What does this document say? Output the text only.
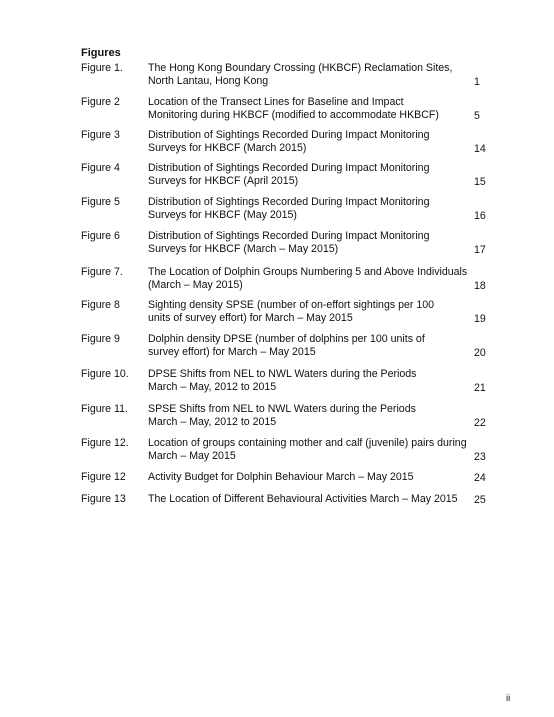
Figures
Figure 1. The Hong Kong Boundary Crossing (HKBCF) Reclamation Sites,
North Lantau, Hong Kong	1
Figure 2	Location of the Transect Lines for Baseline and Impact
Monitoring during HKBCF (modified to accommodate HKBCF)	5
Figure 3	Distribution of Sightings Recorded During Impact Monitoring
Surveys for HKBCF (March 2015)	14
Figure 4	Distribution of Sightings Recorded During Impact Monitoring
Surveys for HKBCF (April 2015)	15
Figure 5	Distribution of Sightings Recorded During Impact Monitoring
Surveys for HKBCF (May 2015)	16
Figure 6	Distribution of Sightings Recorded During Impact Monitoring
Surveys for HKBCF (March – May 2015)	17
Figure 7. The Location of Dolphin Groups Numbering 5 and Above Individuals
(March – May 2015)	18
Figure 8	Sighting density SPSE (number of on-effort sightings per 100
units of survey effort) for March – May 2015	19
Figure 9	Dolphin density DPSE (number of dolphins per 100 units of
survey effort) for March – May 2015	20
Figure 10. DPSE Shifts from NEL to NWL Waters during the Periods
March – May, 2012 to 2015	21
Figure 11. SPSE Shifts from NEL to NWL Waters during the Periods
March – May, 2012 to 2015	22
Figure 12. Location of groups containing mother and calf (juvenile) pairs during
March – May 2015	23
Figure 12 Activity Budget for Dolphin Behaviour March – May 2015	24
Figure 13 The Location of Different Behavioural Activities March – May 2015	25
ii
